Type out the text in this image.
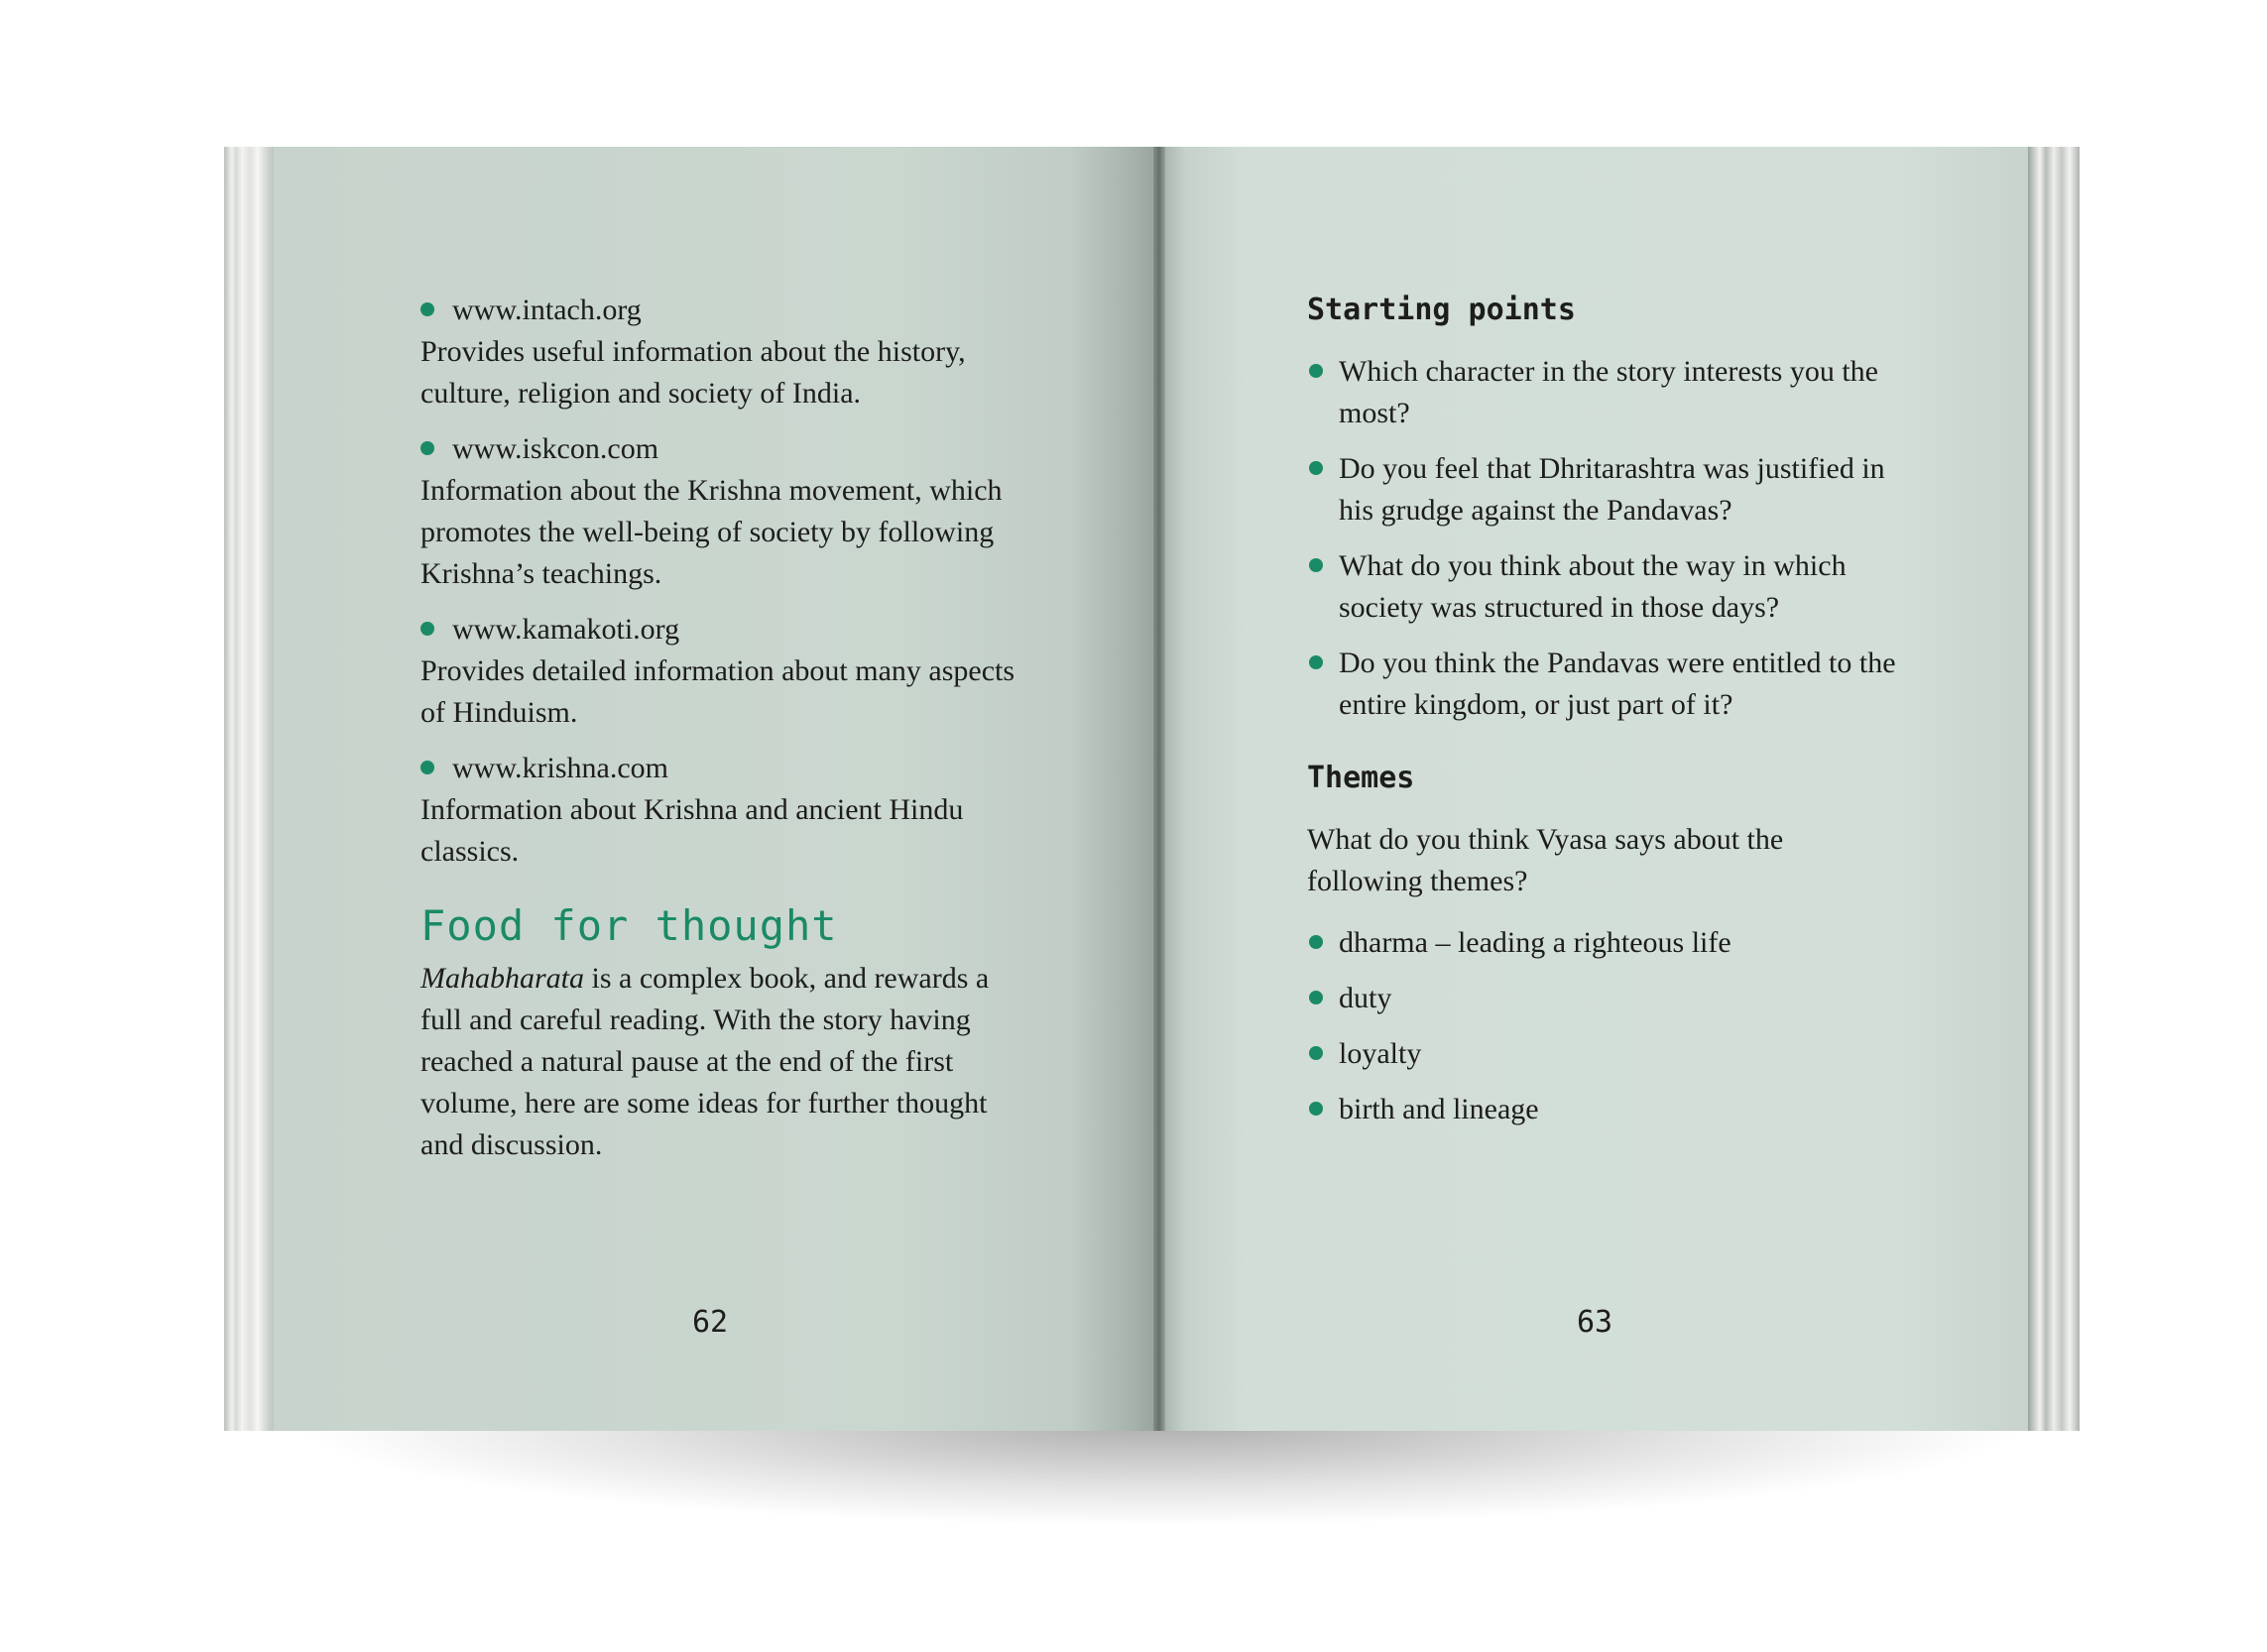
www.intach.org
Provides useful information about the history, culture, religion and society of India.
www.iskcon.com
Information about the Krishna movement, which promotes the well-being of society by following Krishna’s teachings.
www.kamakoti.org
Provides detailed information about many aspects of Hinduism.
www.krishna.com
Information about Krishna and ancient Hindu classics.
Food for thought
Mahabharata is a complex book, and rewards a full and careful reading. With the story having reached a natural pause at the end of the first volume, here are some ideas for further thought and discussion.
62
Starting points
Which character in the story interests you the most?
Do you feel that Dhritarashtra was justified in his grudge against the Pandavas?
What do you think about the way in which society was structured in those days?
Do you think the Pandavas were entitled to the entire kingdom, or just part of it?
Themes
What do you think Vyasa says about the following themes?
dharma – leading a righteous life
duty
loyalty
birth and lineage
63
